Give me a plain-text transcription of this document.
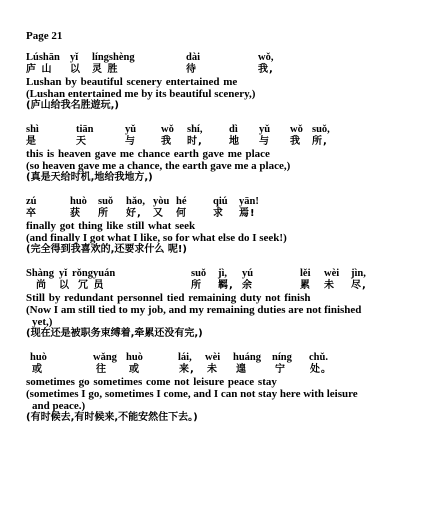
Page 21
Lúshān yǐ língshèng	dài	wǒ,
庐 山 以 灵 胜	待	我,
Lushan by beautiful scenery entertained me
(Lushan entertained me by its beautiful scenery,)
(庐山给我名胜遊玩,)
shì	tiān	yǔ wǒ shí,	dì yǔ wǒ suǒ,
是	天	与	我 时,	地 与 我 所,
this is heaven gave me chance earth gave me place
(so heaven gave me a chance, the earth gave me a place,)
(真是天给时机,地给我地方,)
zú	huò suǒ hǎo, yòu hé	qiú yān!
卒	获 所 好, 又 何	求 焉!
finally got thing like still what seek
(and finally I got what I like, so for what else do I seek!)
(完全得到我喜欢的,还要求什么 呢!)
Shàng yǐ rǒngyuán	suǒ jì, yú	lěi wèi jìn,
尚 以 冗 员	所 羁, 余	累 未 尽,
Still by redundant personnel tied remaining duty not finish
(Now I am still tied to my job, and my remaining duties are not finished
yet,)
(现在还是被职务束缚着,牵累还没有完,)
huò	wǎng huò	lái, wèi huáng níng chǔ.
或	往 或	来, 未 遑	宁 处。
sometimes go sometimes come not leisure peace stay
(sometimes I go, sometimes I come, and I can not stay here with leisure
and peace.)
(有时候去,有时候来,不能安然住下去。)
